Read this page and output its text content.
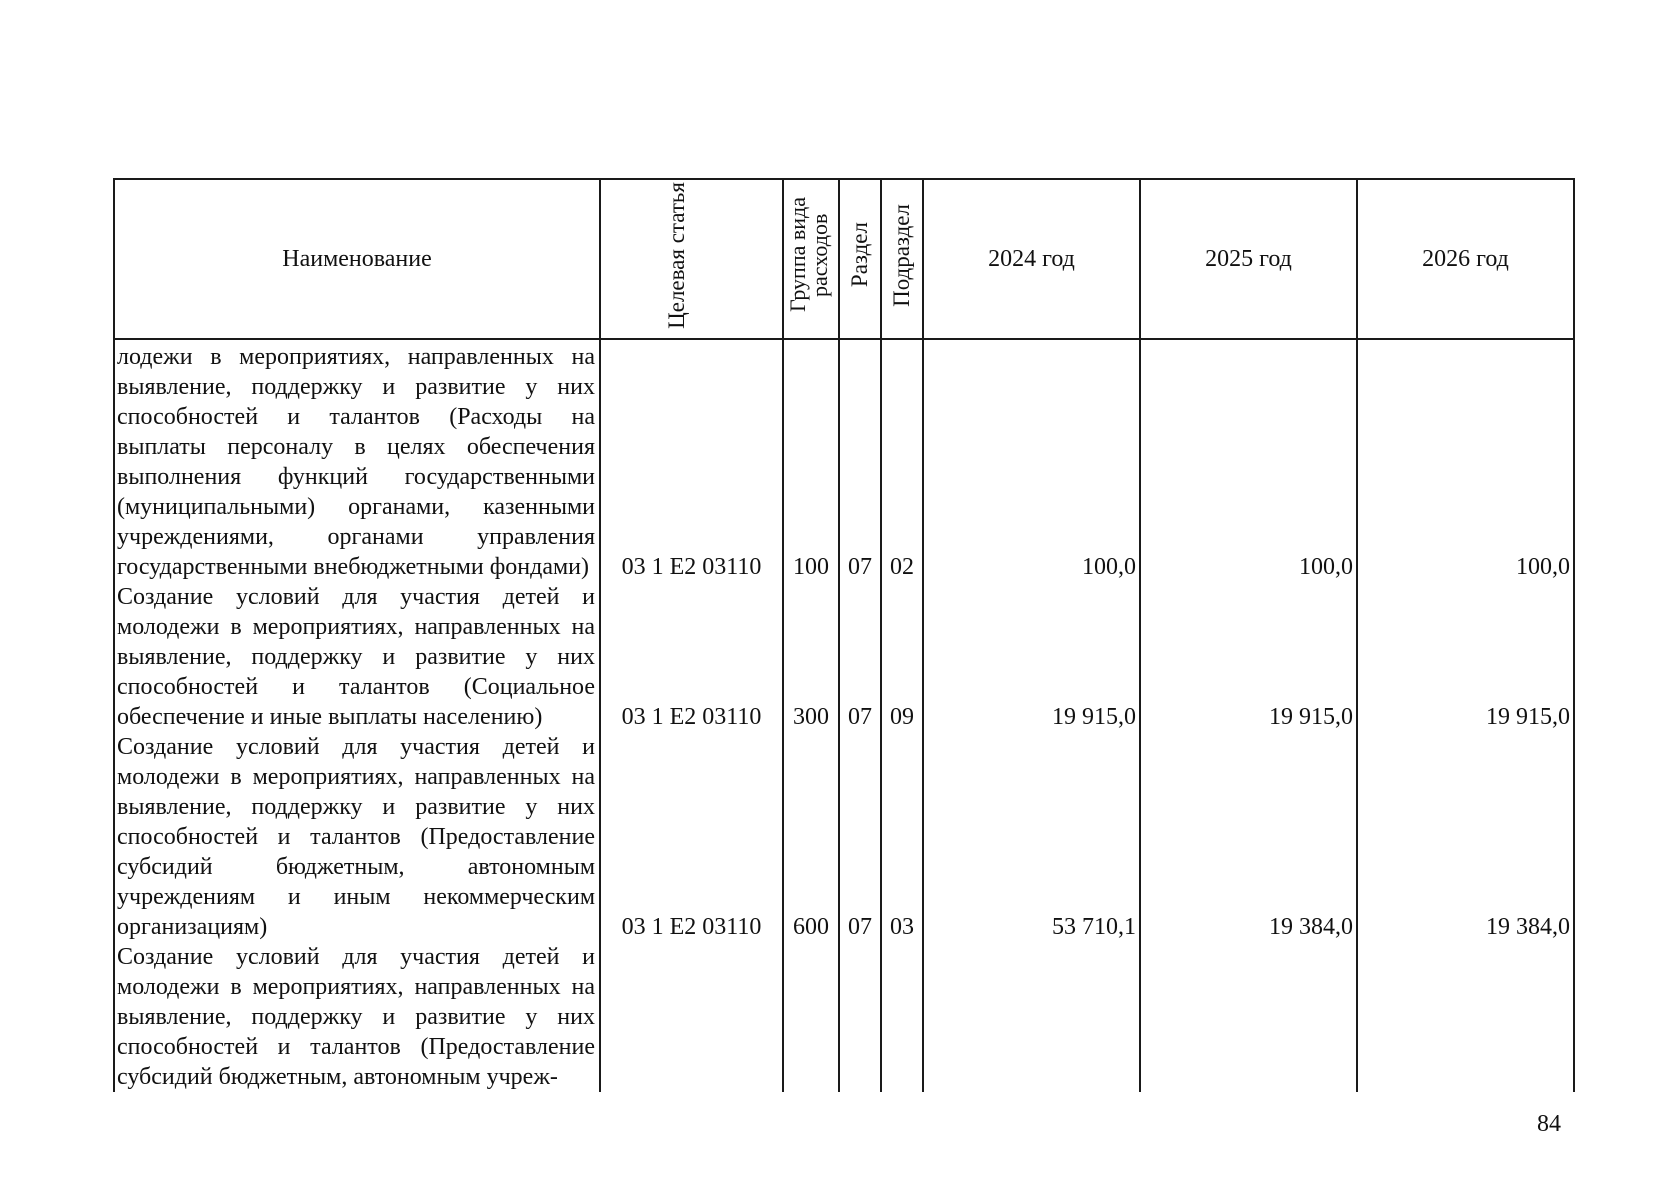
Наименование	Целевая статья	Группа вида расходов	Раздел	Подраздел	2024 год	2025 год	2026 год
лодежи в мероприятиях, направленных на выявление, поддержку и развитие у них способностей и талантов (Расходы на выплаты персоналу в целях обеспечения выполнения функций государственными (муниципальными) органами, казенными учреждениями, органами управления государственными внебюджетными фондами)	03 1 E2 03110	100	07	02	100,0	100,0	100,0
Создание условий для участия детей и молодежи в мероприятиях, направленных на выявление, поддержку и развитие у них способностей и талантов (Социальное обеспечение и иные выплаты населению)	03 1 E2 03110	300	07	09	19 915,0	19 915,0	19 915,0
Создание условий для участия детей и молодежи в мероприятиях, направленных на выявление, поддержку и развитие у них способностей и талантов (Предоставление субсидий бюджетным, автономным учреждениям и иным некоммерческим организациям)	03 1 E2 03110	600	07	03	53 710,1	19 384,0	19 384,0
Создание условий для участия детей и молодежи в мероприятиях, направленных на выявление, поддержку и развитие у них способностей и талантов (Предоставление субсидий бюджетным, автономным учреж-							
84
